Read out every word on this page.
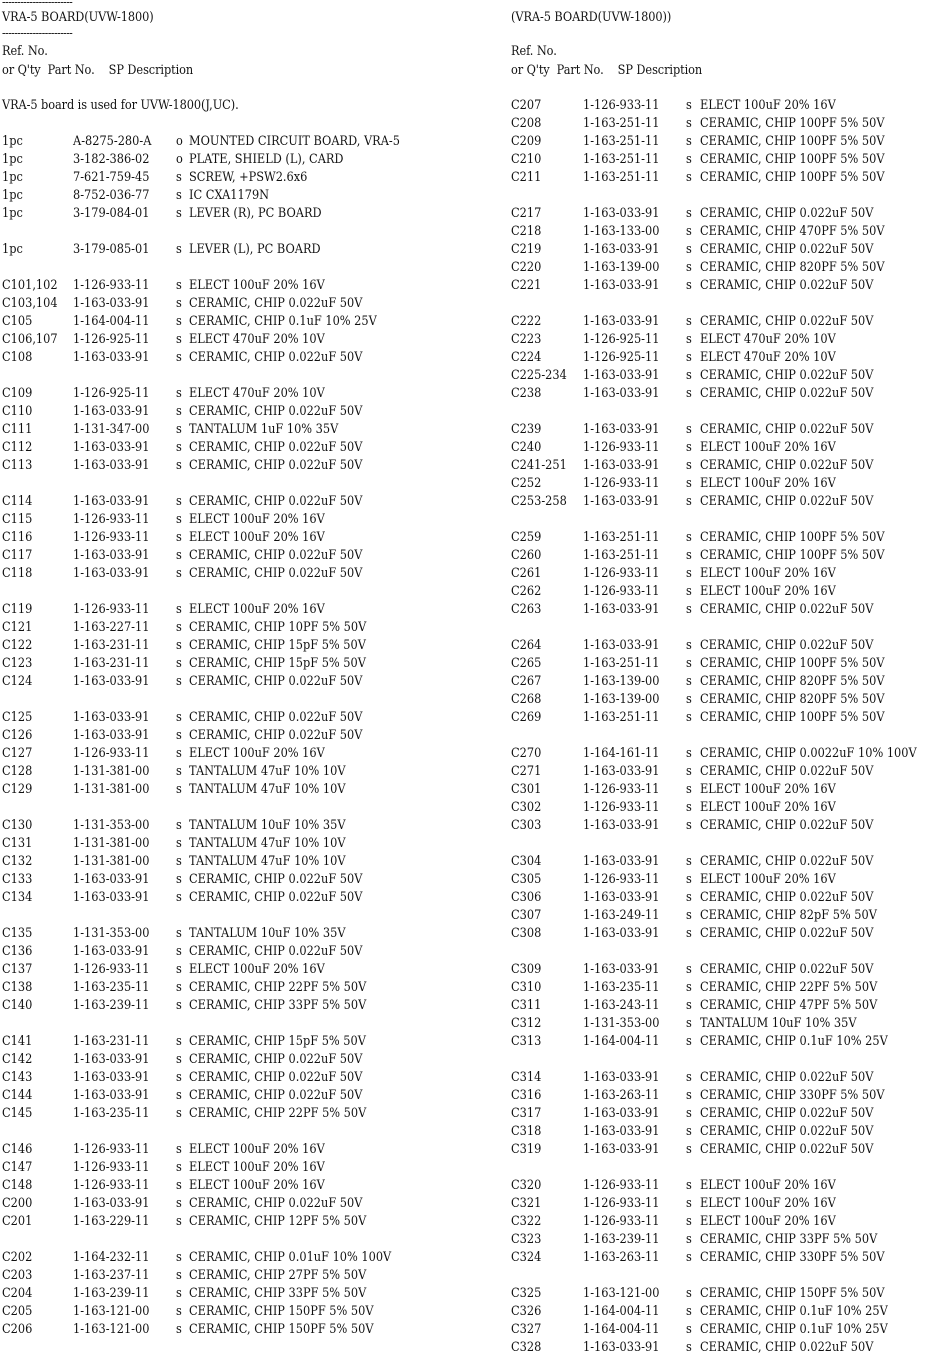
-----------------------
VRA-5 BOARD(UVW-1800)
-----------------------
Ref. No.
or Q'ty  Part No.    SP Description
VRA-5 board is used for UVW-1800(J,UC).
1pc	A-8275-280-A o MOUNTED CIRCUIT BOARD, VRA-5
1pc	3-182-386-02 o PLATE, SHIELD (L), CARD
1pc	7-621-759-45 s SCREW, +PSW2.6x6
1pc	8-752-036-77 s IC CXA1179N
1pc	3-179-084-01 s LEVER (R), PC BOARD
1pc	3-179-085-01 s LEVER (L), PC BOARD
C101,102 1-126-933-11 s ELECT 100uF 20% 16V
C103,104 1-163-033-91 s CERAMIC, CHIP 0.022uF 50V
C105	1-164-004-11 s CERAMIC, CHIP 0.1uF 10% 25V
C106,107 1-126-925-11 s ELECT 470uF 20% 10V
C108	1-163-033-91 s CERAMIC, CHIP 0.022uF 50V
C109	1-126-925-11 s ELECT 470uF 20% 10V
C110	1-163-033-91 s CERAMIC, CHIP 0.022uF 50V
C111	1-131-347-00 s TANTALUM 1uF 10% 35V
C112	1-163-033-91 s CERAMIC, CHIP 0.022uF 50V
C113	1-163-033-91 s CERAMIC, CHIP 0.022uF 50V
C114	1-163-033-91 s CERAMIC, CHIP 0.022uF 50V
C115	1-126-933-11 s ELECT 100uF 20% 16V
C116	1-126-933-11 s ELECT 100uF 20% 16V
C117	1-163-033-91 s CERAMIC, CHIP 0.022uF 50V
C118	1-163-033-91 s CERAMIC, CHIP 0.022uF 50V
C119	1-126-933-11 s ELECT 100uF 20% 16V
C121	1-163-227-11 s CERAMIC, CHIP 10PF 5% 50V
C122	1-163-231-11 s CERAMIC, CHIP 15pF 5% 50V
C123	1-163-231-11 s CERAMIC, CHIP 15pF 5% 50V
C124	1-163-033-91 s CERAMIC, CHIP 0.022uF 50V
C125	1-163-033-91 s CERAMIC, CHIP 0.022uF 50V
C126	1-163-033-91 s CERAMIC, CHIP 0.022uF 50V
C127	1-126-933-11 s ELECT 100uF 20% 16V
C128	1-131-381-00 s TANTALUM 47uF 10% 10V
C129	1-131-381-00 s TANTALUM 47uF 10% 10V
C130	1-131-353-00 s TANTALUM 10uF 10% 35V
C131	1-131-381-00 s TANTALUM 47uF 10% 10V
C132	1-131-381-00 s TANTALUM 47uF 10% 10V
C133	1-163-033-91 s CERAMIC, CHIP 0.022uF 50V
C134	1-163-033-91 s CERAMIC, CHIP 0.022uF 50V
C135	1-131-353-00 s TANTALUM 10uF 10% 35V
C136	1-163-033-91 s CERAMIC, CHIP 0.022uF 50V
C137	1-126-933-11 s ELECT 100uF 20% 16V
C138	1-163-235-11 s CERAMIC, CHIP 22PF 5% 50V
C140	1-163-239-11 s CERAMIC, CHIP 33PF 5% 50V
C141	1-163-231-11 s CERAMIC, CHIP 15pF 5% 50V
C142	1-163-033-91 s CERAMIC, CHIP 0.022uF 50V
C143	1-163-033-91 s CERAMIC, CHIP 0.022uF 50V
C144	1-163-033-91 s CERAMIC, CHIP 0.022uF 50V
C145	1-163-235-11 s CERAMIC, CHIP 22PF 5% 50V
C146	1-126-933-11 s ELECT 100uF 20% 16V
C147	1-126-933-11 s ELECT 100uF 20% 16V
C148	1-126-933-11 s ELECT 100uF 20% 16V
C200	1-163-033-91 s CERAMIC, CHIP 0.022uF 50V
C201	1-163-229-11 s CERAMIC, CHIP 12PF 5% 50V
C202	1-164-232-11 s CERAMIC, CHIP 0.01uF 10% 100V
C203	1-163-237-11 s CERAMIC, CHIP 27PF 5% 50V
C204	1-163-239-11 s CERAMIC, CHIP 33PF 5% 50V
C205	1-163-121-00 s CERAMIC, CHIP 150PF 5% 50V
C206	1-163-121-00 s CERAMIC, CHIP 150PF 5% 50V
(VRA-5 BOARD(UVW-1800))
Ref. No.
or Q'ty  Part No.    SP Description
C207	1-126-933-11 s ELECT 100uF 20% 16V
C208	1-163-251-11 s CERAMIC, CHIP 100PF 5% 50V
C209	1-163-251-11 s CERAMIC, CHIP 100PF 5% 50V
C210	1-163-251-11 s CERAMIC, CHIP 100PF 5% 50V
C211	1-163-251-11 s CERAMIC, CHIP 100PF 5% 50V
C217	1-163-033-91 s CERAMIC, CHIP 0.022uF 50V
C218	1-163-133-00 s CERAMIC, CHIP 470PF 5% 50V
C219	1-163-033-91 s CERAMIC, CHIP 0.022uF 50V
C220	1-163-139-00 s CERAMIC, CHIP 820PF 5% 50V
C221	1-163-033-91 s CERAMIC, CHIP 0.022uF 50V
C222	1-163-033-91 s CERAMIC, CHIP 0.022uF 50V
C223	1-126-925-11 s ELECT 470uF 20% 10V
C224	1-126-925-11 s ELECT 470uF 20% 10V
C225-234 1-163-033-91 s CERAMIC, CHIP 0.022uF 50V
C238	1-163-033-91 s CERAMIC, CHIP 0.022uF 50V
C239	1-163-033-91 s CERAMIC, CHIP 0.022uF 50V
C240	1-126-933-11 s ELECT 100uF 20% 16V
C241-251 1-163-033-91 s CERAMIC, CHIP 0.022uF 50V
C252	1-126-933-11 s ELECT 100uF 20% 16V
C253-258 1-163-033-91 s CERAMIC, CHIP 0.022uF 50V
C259	1-163-251-11 s CERAMIC, CHIP 100PF 5% 50V
C260	1-163-251-11 s CERAMIC, CHIP 100PF 5% 50V
C261	1-126-933-11 s ELECT 100uF 20% 16V
C262	1-126-933-11 s ELECT 100uF 20% 16V
C263	1-163-033-91 s CERAMIC, CHIP 0.022uF 50V
C264	1-163-033-91 s CERAMIC, CHIP 0.022uF 50V
C265	1-163-251-11 s CERAMIC, CHIP 100PF 5% 50V
C267	1-163-139-00 s CERAMIC, CHIP 820PF 5% 50V
C268	1-163-139-00 s CERAMIC, CHIP 820PF 5% 50V
C269	1-163-251-11 s CERAMIC, CHIP 100PF 5% 50V
C270	1-164-161-11 s CERAMIC, CHIP 0.0022uF 10% 100V
C271	1-163-033-91 s CERAMIC, CHIP 0.022uF 50V
C301	1-126-933-11 s ELECT 100uF 20% 16V
C302	1-126-933-11 s ELECT 100uF 20% 16V
C303	1-163-033-91 s CERAMIC, CHIP 0.022uF 50V
C304	1-163-033-91 s CERAMIC, CHIP 0.022uF 50V
C305	1-126-933-11 s ELECT 100uF 20% 16V
C306	1-163-033-91 s CERAMIC, CHIP 0.022uF 50V
C307	1-163-249-11 s CERAMIC, CHIP 82pF 5% 50V
C308	1-163-033-91 s CERAMIC, CHIP 0.022uF 50V
C309	1-163-033-91 s CERAMIC, CHIP 0.022uF 50V
C310	1-163-235-11 s CERAMIC, CHIP 22PF 5% 50V
C311	1-163-243-11 s CERAMIC, CHIP 47PF 5% 50V
C312	1-131-353-00 s TANTALUM 10uF 10% 35V
C313	1-164-004-11 s CERAMIC, CHIP 0.1uF 10% 25V
C314	1-163-033-91 s CERAMIC, CHIP 0.022uF 50V
C316	1-163-263-11 s CERAMIC, CHIP 330PF 5% 50V
C317	1-163-033-91 s CERAMIC, CHIP 0.022uF 50V
C318	1-163-033-91 s CERAMIC, CHIP 0.022uF 50V
C319	1-163-033-91 s CERAMIC, CHIP 0.022uF 50V
C320	1-126-933-11 s ELECT 100uF 20% 16V
C321	1-126-933-11 s ELECT 100uF 20% 16V
C322	1-126-933-11 s ELECT 100uF 20% 16V
C323	1-163-239-11 s CERAMIC, CHIP 33PF 5% 50V
C324	1-163-263-11 s CERAMIC, CHIP 330PF 5% 50V
C325	1-163-121-00 s CERAMIC, CHIP 150PF 5% 50V
C326	1-164-004-11 s CERAMIC, CHIP 0.1uF 10% 25V
C327	1-164-004-11 s CERAMIC, CHIP 0.1uF 10% 25V
C328	1-163-033-91 s CERAMIC, CHIP 0.022uF 50V
